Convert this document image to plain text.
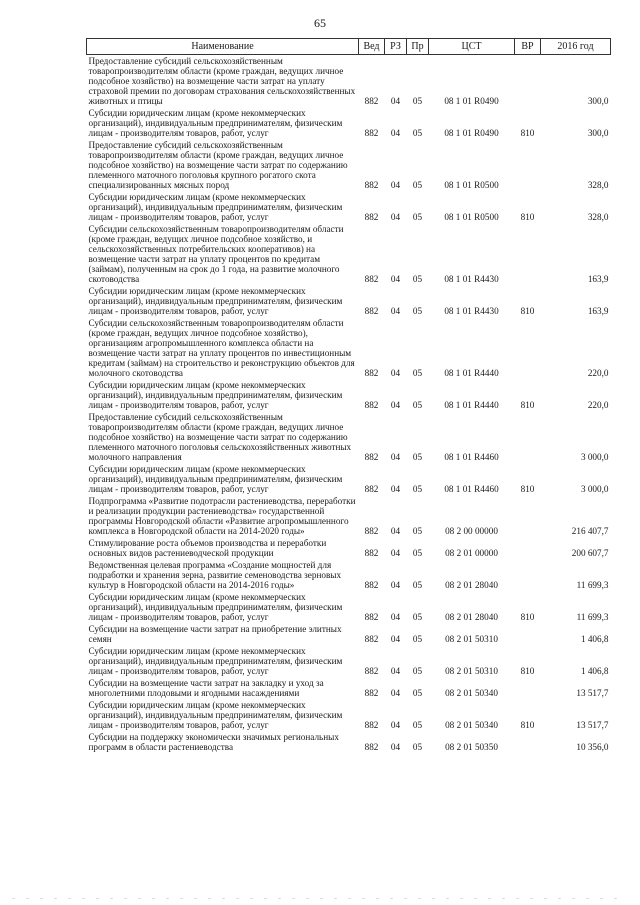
65
Наименование	Вед	РЗ	Пр	ЦСТ	ВР	2016 год
Предоставление субсидий сельскохозяйственным товаропроизводителям области (кроме граждан, ведущих личное подсобное хозяйство) на возмещение части затрат на уплату страховой премии по договорам страхования сельскохозяйственных животных и птицы	882	04	05	08 1 01 R0490		300,0
Субсидии юридическим лицам (кроме некоммерческих организаций), индивидуальным предпринимателям, физическим лицам - производителям товаров, работ, услуг	882	04	05	08 1 01 R0490	810	300,0
Предоставление субсидий сельскохозяйственным товаропроизводителям области (кроме граждан, ведущих личное подсобное хозяйство) на возмещение части затрат по содержанию племенного маточного поголовья крупного рогатого скота специализированных мясных пород	882	04	05	08 1 01 R0500		328,0
Субсидии юридическим лицам (кроме некоммерческих организаций), индивидуальным предпринимателям, физическим лицам - производителям товаров, работ, услуг	882	04	05	08 1 01 R0500	810	328,0
Субсидии сельскохозяйственным товаропроизводителям области (кроме граждан, ведущих личное подсобное хозяйство, и сельскохозяйственных потребительских кооперативов) на возмещение части затрат на уплату процентов по кредитам (займам), полученным на срок до 1 года, на развитие молочного скотоводства	882	04	05	08 1 01 R4430		163,9
Субсидии юридическим лицам (кроме некоммерческих организаций), индивидуальным предпринимателям, физическим лицам - производителям товаров, работ, услуг	882	04	05	08 1 01 R4430	810	163,9
Субсидии сельскохозяйственным товаропроизводителям области (кроме граждан, ведущих личное подсобное хозяйство), организациям агропромышленного комплекса области на возмещение части затрат на уплату процентов по инвестиционным кредитам (займам) на строительство и реконструкцию объектов для молочного скотоводства	882	04	05	08 1 01 R4440		220,0
Субсидии юридическим лицам (кроме некоммерческих организаций), индивидуальным предпринимателям, физическим лицам - производителям товаров, работ, услуг	882	04	05	08 1 01 R4440	810	220,0
Предоставление субсидий сельскохозяйственным товаропроизводителям области (кроме граждан, ведущих личное подсобное хозяйство) на возмещение части затрат по содержанию племенного маточного поголовья сельскохозяйственных животных молочного направления	882	04	05	08 1 01 R4460		3 000,0
Субсидии юридическим лицам (кроме некоммерческих организаций), индивидуальным предпринимателям, физическим лицам - производителям товаров, работ, услуг	882	04	05	08 1 01 R4460	810	3 000,0
Подпрограмма «Развитие подотрасли растениеводства, переработки и реализации продукции растениеводства» государственной программы Новгородской области «Развитие агропромышленного комплекса в Новгородской области на 2014-2020 годы»	882	04	05	08 2 00 00000		216 407,7
Стимулирование роста объемов производства и переработки основных видов растениеводческой продукции	882	04	05	08 2 01 00000		200 607,7
Ведомственная целевая программа «Создание мощностей для подработки и хранения зерна, развитие семеноводства зерновых культур в Новгородской области на 2014-2016 годы»	882	04	05	08 2 01 28040		11 699,3
Субсидии юридическим лицам (кроме некоммерческих организаций), индивидуальным предпринимателям, физическим лицам - производителям товаров, работ, услуг	882	04	05	08 2 01 28040	810	11 699,3
Субсидии на возмещение части затрат на приобретение элитных семян	882	04	05	08 2 01 50310		1 406,8
Субсидии юридическим лицам (кроме некоммерческих организаций), индивидуальным предпринимателям, физическим лицам - производителям товаров, работ, услуг	882	04	05	08 2 01 50310	810	1 406,8
Субсидии на возмещение части затрат на закладку и уход за многолетними плодовыми и ягодными насаждениями	882	04	05	08 2 01 50340		13 517,7
Субсидии юридическим лицам (кроме некоммерческих организаций), индивидуальным предпринимателям, физическим лицам - производителям товаров, работ, услуг	882	04	05	08 2 01 50340	810	13 517,7
Субсидии на поддержку экономически значимых региональных программ в области растениеводства	882	04	05	08 2 01 50350		10 356,0
